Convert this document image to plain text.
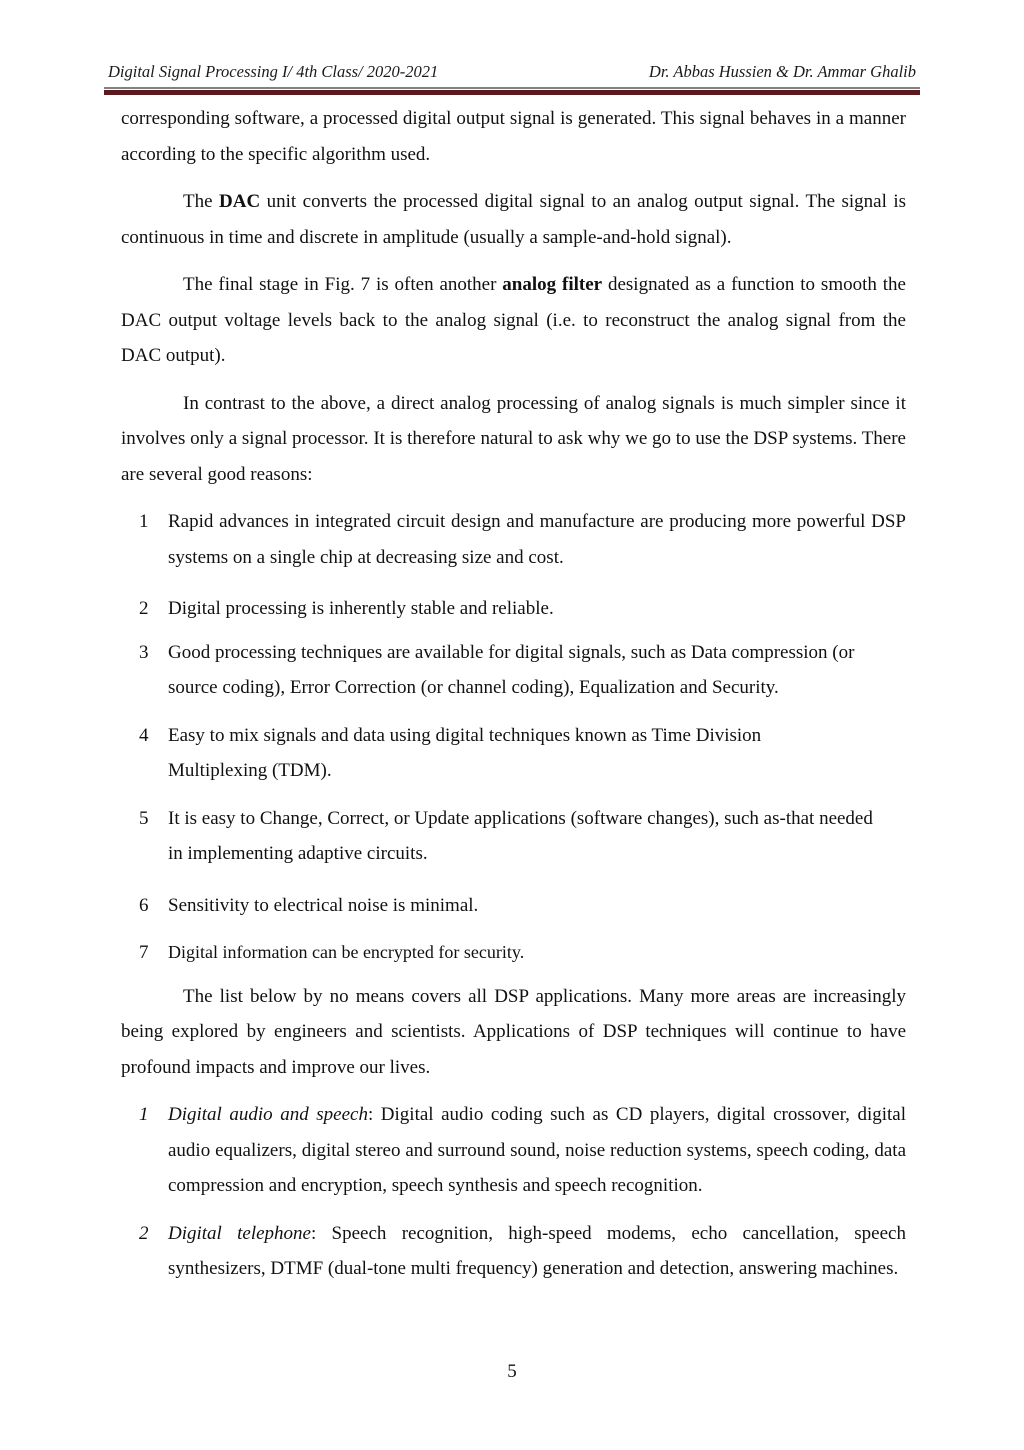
Digital Signal Processing I/ 4th Class/ 2020-2021	Dr. Abbas Hussien & Dr. Ammar Ghalib

corresponding software, a processed digital output signal is generated. This signal behaves in a manner according to the specific algorithm used.

The DAC unit converts the processed digital signal to an analog output signal. The signal is continuous in time and discrete in amplitude (usually a sample-and-hold signal).

The final stage in Fig. 7 is often another analog filter designated as a function to smooth the DAC output voltage levels back to the analog signal (i.e. to reconstruct the analog signal from the DAC output).

In contrast to the above, a direct analog processing of analog signals is much simpler since it involves only a signal processor. It is therefore natural to ask why we go to use the DSP systems. There are several good reasons:

1 Rapid advances in integrated circuit design and manufacture are producing more powerful DSP systems on a single chip at decreasing size and cost.
2 Digital processing is inherently stable and reliable.
3 Good processing techniques are available for digital signals, such as Data compression (or source coding), Error Correction (or channel coding), Equalization and Security.
4 Easy to mix signals and data using digital techniques known as Time Division Multiplexing (TDM).
5 It is easy to Change, Correct, or Update applications (software changes), such as-that needed in implementing adaptive circuits.
6 Sensitivity to electrical noise is minimal.
7 Digital information can be encrypted for security.

The list below by no means covers all DSP applications. Many more areas are increasingly being explored by engineers and scientists. Applications of DSP techniques will continue to have profound impacts and improve our lives.

1 Digital audio and speech: Digital audio coding such as CD players, digital crossover, digital audio equalizers, digital stereo and surround sound, noise reduction systems, speech coding, data compression and encryption, speech synthesis and speech recognition.
2 Digital telephone: Speech recognition, high-speed modems, echo cancellation, speech synthesizers, DTMF (dual-tone multi frequency) generation and detection, answering machines.
5
